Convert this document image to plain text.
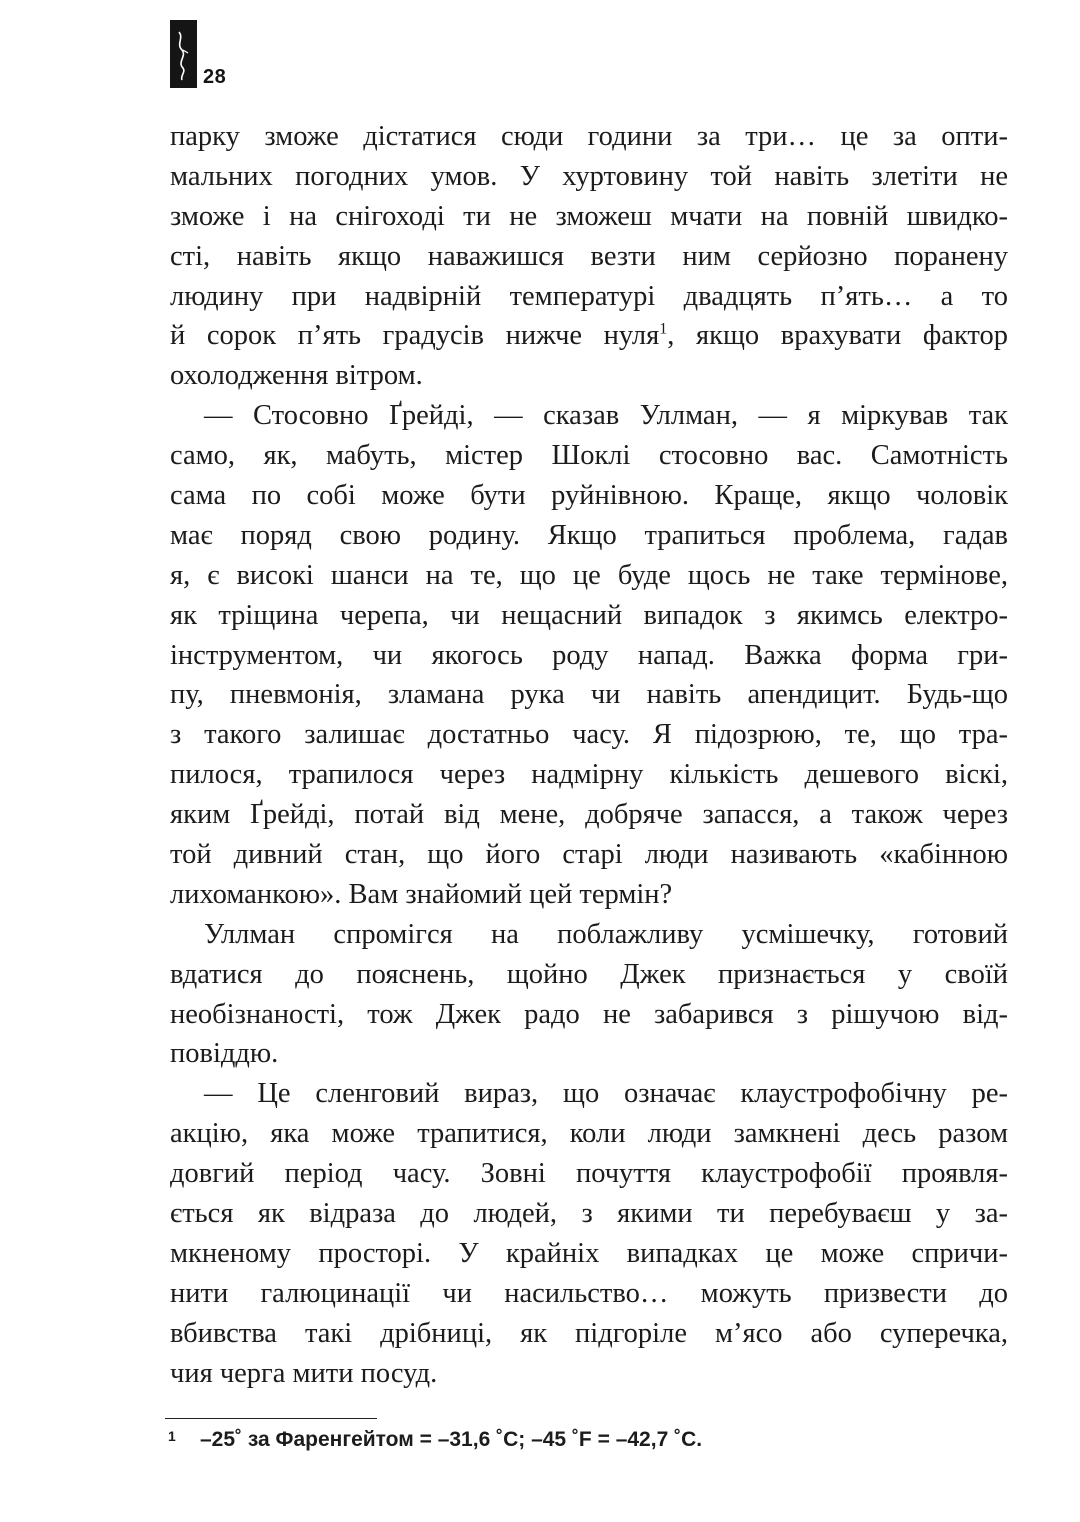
28
парку зможе дістатися сюди години за три… це за опти-
мальних погодних умов. У хуртовину той навіть злетіти не
зможе і на снігоході ти не зможеш мчати на повній швидко-
сті, навіть якщо наважишся везти ним серйозно поранену
людину при надвірній температурі двадцять п’ять… а то
й сорок п’ять градусів нижче нуля$^1$, якщо врахувати фактор
охолодження вітром.
— Стосовно Ґрейді, — сказав Уллман, — я міркував так
само, як, мабуть, містер Шоклі стосовно вас. Самотність
сама по собі може бути руйнівною. Краще, якщо чоловік
має поряд свою родину. Якщо трапиться проблема, гадав
я, є високі шанси на те, що це буде щось не таке термінове,
як тріщина черепа, чи нещасний випадок з якимсь електро-
інструментом, чи якогось роду напад. Важка форма гри-
пу, пневмонія, зламана рука чи навіть апендицит. Будь-що
з такого залишає достатньо часу. Я підозрюю, те, що тра-
пилося, трапилося через надмірну кількість дешевого віскі,
яким Ґрейді, потай від мене, добряче запасся, а також через
той дивний стан, що його старі люди називають «кабінною
лихоманкою». Вам знайомий цей термін?
Уллман спромігся на поблажливу усмішечку, готовий
вдатися до пояснень, щойно Джек признається у своїй
необізнаності, тож Джек радо не забарився з рішучою від-
повіддю.
— Це сленговий вираз, що означає клаустрофобічну ре-
акцію, яка може трапитися, коли люди замкнені десь разом
довгий період часу. Зовні почуття клаустрофобії проявля-
ється як відраза до людей, з якими ти перебуваєш у за-
мкненому просторі. У крайніх випадках це може спричи-
нити галюцинації чи насильство… можуть призвести до
вбивства такі дрібниці, як підгоріле м’ясо або суперечка,
чия черга мити посуд.
1 –25˚ за Фаренгейтом = –31,6 ˚С; –45 ˚F = –42,7 ˚С.
